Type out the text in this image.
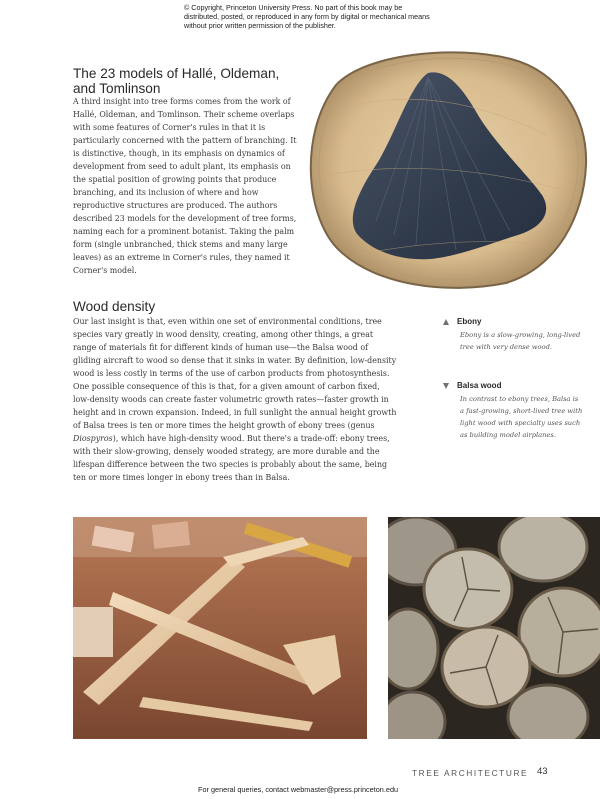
© Copyright, Princeton University Press. No part of this book may be distributed, posted, or reproduced in any form by digital or mechanical means without prior written permission of the publisher.
The 23 models of Hallé, Oldeman, and Tomlinson
A third insight into tree forms comes from the work of Hallé, Oldeman, and Tomlinson. Their scheme overlaps with some features of Corner's rules in that it is particularly concerned with the pattern of branching. It is distinctive, though, in its emphasis on dynamics of development from seed to adult plant, its emphasis on the spatial position of growing points that produce branching, and its inclusion of where and how reproductive structures are produced. The authors described 23 models for the development of tree forms, naming each for a prominent botanist. Taking the palm form (single unbranched, thick stems and many large leaves) as an extreme in Corner's rules, they named it Corner's model.
Wood density
Our last insight is that, even within one set of environmental conditions, tree species vary greatly in wood density, creating, among other things, a great range of materials fit for different kinds of human use—the Balsa wood of gliding aircraft to wood so dense that it sinks in water. By definition, low-density wood is less costly in terms of the use of carbon products from photosynthesis. One possible consequence of this is that, for a given amount of carbon fixed, low-density woods can create faster volumetric growth rates—faster growth in height and in crown expansion. Indeed, in full sunlight the annual height growth of Balsa trees is ten or more times the height growth of ebony trees (genus Diospyros), which have high-density wood. But there's a trade-off: ebony trees, with their slow-growing, densely wooded strategy, are more durable and the lifespan difference between the two species is probably about the same, being ten or more times longer in ebony trees than in Balsa.
Ebony
Ebony is a slow-growing, long-lived tree with very dense wood.
Balsa wood
In contrast to ebony trees, Balsa is a fast-growing, short-lived tree with light wood with specialty uses such as building model airplanes.
TREE ARCHITECTURE 43
For general queries, contact webmaster@press.princeton.edu
